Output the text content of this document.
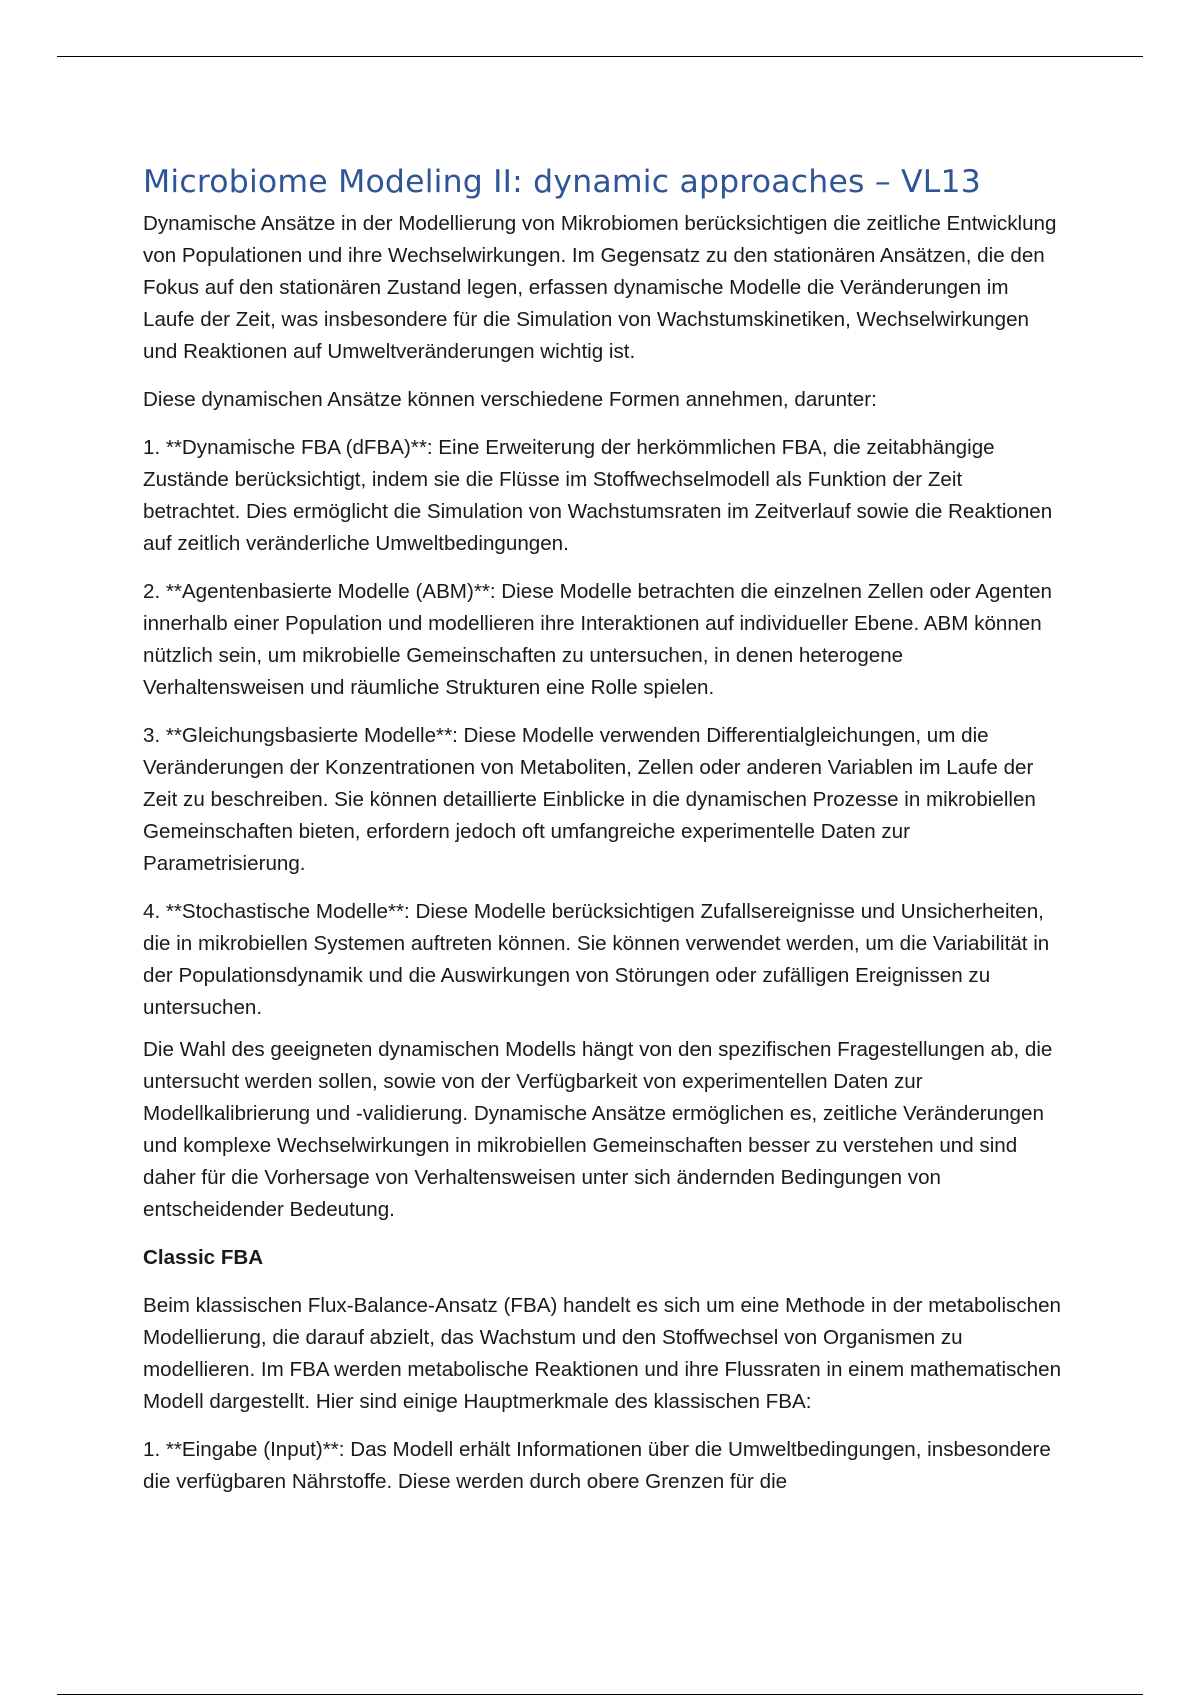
Microbiome Modeling II: dynamic approaches – VL13

Dynamische Ansätze in der Modellierung von Mikrobiomen berücksichtigen die zeitliche Entwicklung von Populationen und ihre Wechselwirkungen. Im Gegensatz zu den stationären Ansätzen, die den Fokus auf den stationären Zustand legen, erfassen dynamische Modelle die Veränderungen im Laufe der Zeit, was insbesondere für die Simulation von Wachstumskinetiken, Wechselwirkungen und Reaktionen auf Umweltveränderungen wichtig ist.

Diese dynamischen Ansätze können verschiedene Formen annehmen, darunter:

1. **Dynamische FBA (dFBA)**: Eine Erweiterung der herkömmlichen FBA, die zeitabhängige Zustände berücksichtigt, indem sie die Flüsse im Stoffwechselmodell als Funktion der Zeit betrachtet. Dies ermöglicht die Simulation von Wachstumsraten im Zeitverlauf sowie die Reaktionen auf zeitlich veränderliche Umweltbedingungen.

2. **Agentenbasierte Modelle (ABM)**: Diese Modelle betrachten die einzelnen Zellen oder Agenten innerhalb einer Population und modellieren ihre Interaktionen auf individueller Ebene. ABM können nützlich sein, um mikrobielle Gemeinschaften zu untersuchen, in denen heterogene Verhaltensweisen und räumliche Strukturen eine Rolle spielen.

3. **Gleichungsbasierte Modelle**: Diese Modelle verwenden Differentialgleichungen, um die Veränderungen der Konzentrationen von Metaboliten, Zellen oder anderen Variablen im Laufe der Zeit zu beschreiben. Sie können detaillierte Einblicke in die dynamischen Prozesse in mikrobiellen Gemeinschaften bieten, erfordern jedoch oft umfangreiche experimentelle Daten zur Parametrisierung.

4. **Stochastische Modelle**: Diese Modelle berücksichtigen Zufallsereignisse und Unsicherheiten, die in mikrobiellen Systemen auftreten können. Sie können verwendet werden, um die Variabilität in der Populationsdynamik und die Auswirkungen von Störungen oder zufälligen Ereignissen zu untersuchen.

Die Wahl des geeigneten dynamischen Modells hängt von den spezifischen Fragestellungen ab, die untersucht werden sollen, sowie von der Verfügbarkeit von experimentellen Daten zur Modellkalibrierung und -validierung. Dynamische Ansätze ermöglichen es, zeitliche Veränderungen und komplexe Wechselwirkungen in mikrobiellen Gemeinschaften besser zu verstehen und sind daher für die Vorhersage von Verhaltensweisen unter sich ändernden Bedingungen von entscheidender Bedeutung.

Classic FBA

Beim klassischen Flux-Balance-Ansatz (FBA) handelt es sich um eine Methode in der metabolischen Modellierung, die darauf abzielt, das Wachstum und den Stoffwechsel von Organismen zu modellieren. Im FBA werden metabolische Reaktionen und ihre Flussraten in einem mathematischen Modell dargestellt. Hier sind einige Hauptmerkmale des klassischen FBA:

1. **Eingabe (Input)**: Das Modell erhält Informationen über die Umweltbedingungen, insbesondere die verfügbaren Nährstoffe. Diese werden durch obere Grenzen für die
